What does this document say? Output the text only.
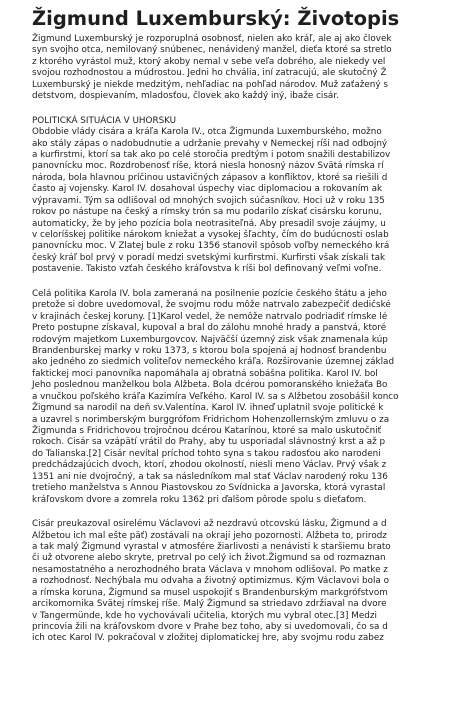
Žigmund Luxemburský: Životopis
Žigmund Luxemburský je rozporuplná osobnosť, nielen ako kráľ, ale aj ako človek
syn svojho otca, nemilovaný snúbenec, nenávidený manžel, dieťa ktoré sa stretlo
z ktorého vyrástol muž, ktorý akoby nemal v sebe veľa dobrého, ale niekedy vel
svojou rozhodnostou a múdrostou. Jedni ho chvália, iní zatracujú, ale skutočný Ž
Luxemburský je niekde medzitým, nehľadiac na pohľad národov. Muž zaťažený s
detstvom, dospievaním, mladosťou, človek ako každý iný, ibaže cisár.
POLITICKÁ SITUÁCIA V UHORSKU
Obdobie vlády cisára a kráľa Karola IV., otca Žigmunda Luxemburského, možno
ako stály zápas o nadobudnutie a udržanie prevahy v Nemeckej ríši nad odbojný
a kurfirstmi, ktorí sa tak ako po celé storočia predtým i potom snažili destabilizov
panovnícku moc. Rozdrobenosť ríše, ktorá niesla honosný názov Svätá rímska rí
národa, bola hlavnou príčinou ustavičných zápasov a konfliktov, ktoré sa riešili d
často aj vojensky. Karol IV. dosahoval úspechy viac diplomaciou a rokovaním ak
výpravami. Tým sa odlišoval od mnohých svojich súčasníkov. Hoci už v roku 135
rokov po nástupe na český a rímsky trón sa mu podarilo získať cisársku korunu,
automaticky, že by jeho pozícia bola neotrasiteľná. Aby presadil svoje záujmy, u
v celoríšskej politike nárokom kniežat a vysokej šľachty, čím do budúcnosti oslab
panovnícku moc. V Zlatej bule z roku 1356 stanovil spôsob voľby nemeckého krá
český kráľ bol prvý v poradí medzi svetskými kurfirstmi. Kurfirsti však získali tak
postavenie. Takisto vzťah českého kráľovstva k ríši bol definovaný veľmi voľne.
Celá politika Karola IV. bola zameraná na posilnenie pozície českého štátu a jeho
pretože si dobre uvedomoval, že svojmu rodu môže natrvalo zabezpečiť dedičské
v krajinách českej koruny. [1]Karol vedel, že nemôže natrvalo podriadiť rímske lé
Preto postupne získaval, kupoval a bral do zálohu mnohé hrady a panstvá, ktoré
rodovým majetkom Luxemburgovcov. Najväčší územný zisk však znamenala kúp
Brandenburskej marky v roku 1373, s ktorou bola spojená aj hodnosť brandenbu
ako jedného zo siedmich voliteľov nemeckého kráľa. Rozširovanie územnej základ
faktickej moci panovníka napomáhala aj obratná sobášna politika. Karol IV. bol
Jeho poslednou manželkou bola Alžbeta. Bola dcérou pomoranského kniežaťa Bo
a vnučkou poľského kráľa Kazimíra Veľkého. Karol IV. sa s Alžbetou zosobášil konco
Žigmund sa narodil na deň sv.Valentína. Karol IV. ihneď uplatnil svoje politické k
a uzavrel s norimberským burggrófom Fridrichom Hohenzollernským zmluvu o za
Žigmunda s Fridrichovou trojročnou dcérou Katarínou, ktoré sa malo uskutočniť
rokoch. Cisár sa vzápätí vrátil do Prahy, aby tu usporiadal slávnostný krst a až p
do Talianska.[2] Cisár nevítal príchod tohto syna s takou radosťou ako narodeni
predchádzajúcich dvoch, ktorí, zhodou okolností, niesli meno Václav. Prvý však z
1351 ani nie dvojročný, a tak sa následníkom mal stať Václav narodený roku 136
tretieho manželstva s Annou Piastovskou zo Svídnicka a Javorska, ktorá vyrastal
kráľovskom dvore a zomrela roku 1362 pri ďalšom pôrode spolu s dieťaťom.
Cisár preukazoval osirelému Václavovi až nezdravú otcovskú lásku, Žigmund a d
Alžbetou ich mal ešte päť) zostávali na okraji jeho pozornosti. Alžbeta to, prirodz
a tak malý Žigmund vyrastal v atmosfére žiarlivosti a nenávisti k staršiemu brato
či už otvorene alebo skryte, pretrval po celý ich život.Žigmund sa od rozmaznan
nesamostatného a nerozhodného brata Václava v mnohom odlišoval. Po matke z
a rozhodnosť. Nechýbala mu odvaha a životný optimizmus. Kým Václavovi bola o
a rímska koruna, Žigmund sa musel uspokojiť s Brandenburským markgrófstvom
arcikomornika Svätej rímskej ríše. Malý Žigmund sa striedavo zdržiaval na dvore
v Tangermünde, kde ho vychovávali učitelia, ktorých mu vybral otec.[3] Medzi
princovia žili na kráľovskom dvore v Prahe bez toho, aby si uvedomovali, čo sa d
ich otec Karol IV. pokračoval v zložitej diplomatickej hre, aby svojmu rodu zabez
